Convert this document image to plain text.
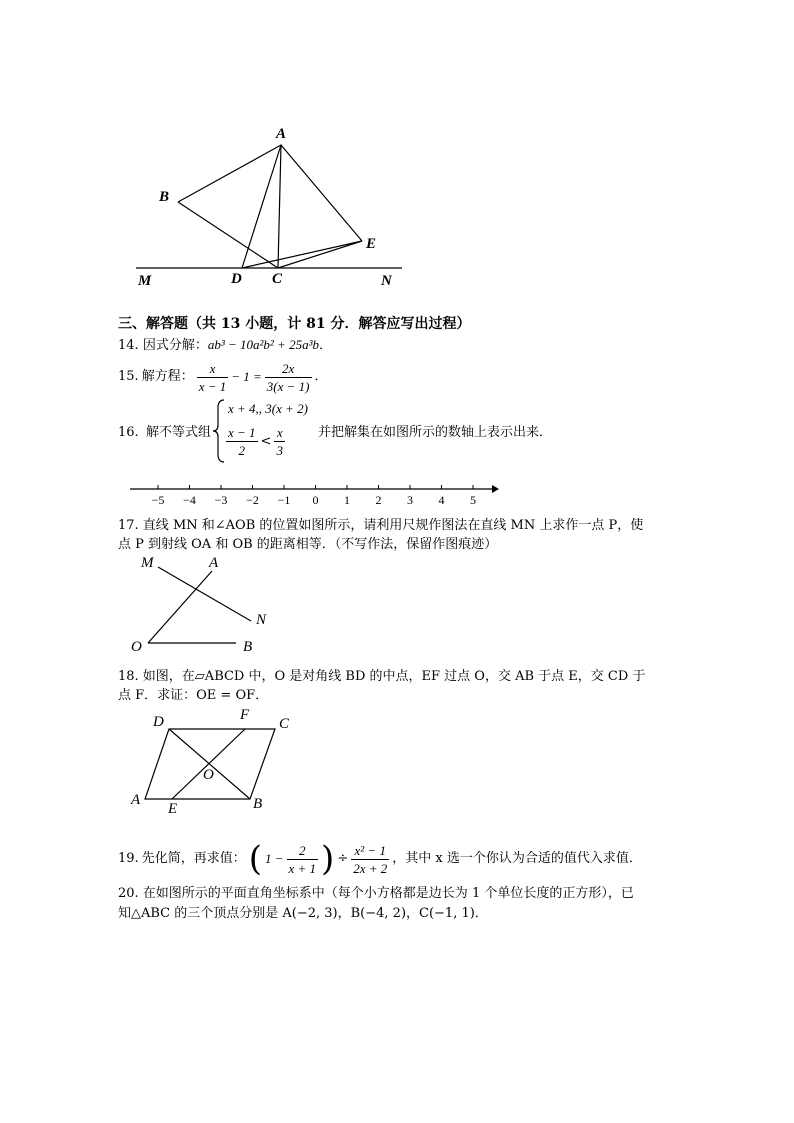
A
B
E
M	D C	N
三、解答题（共 13 小题，计 81 分．解答应写出过程）
14. 因式分解：ab³ − 10a²b² + 25a³b．
15. 解方程： $\frac{x}{x - 1} - 1 = \frac{2x}{3(x - 1)}$ ．
16. 解不等式组
x + 4,, 3(x + 2)
$\frac{x - 1}{2} < \frac{x}{3}$	并把解集在如图所示的数轴上表示出来．
−5 −4 −3 −2 −1 0 1 2 3 4 5
17. 直线 MN 和∠AOB 的位置如图所示，请利用尺规作图法在直线 MN 上求作一点 P，使
点 P 到射线 OA 和 OB 的距离相等．（不写作法，保留作图痕迹）
M	A
N
O	B
18. 如图，在▱ABCD 中，O 是对角线 BD 的中点，EF 过点 O，交 AB 于点 E，交 CD 于
点 F．求证：OE = OF．
D	F
C
O
A
E	B
19. 先化简，再求值： ( $1 - \frac{2}{x + 1}$ ) ÷ $\frac{\text{x² − 1}}{2x + 2}$ ，其中 x 选一个你认为合适的值代入求值．
20. 在如图所示的平面直角坐标系中（每个小方格都是边长为 1 个单位长度的正方形），已
知△ABC 的三个顶点分别是 A(−2, 3)，B(−4, 2)，C(−1, 1)．
